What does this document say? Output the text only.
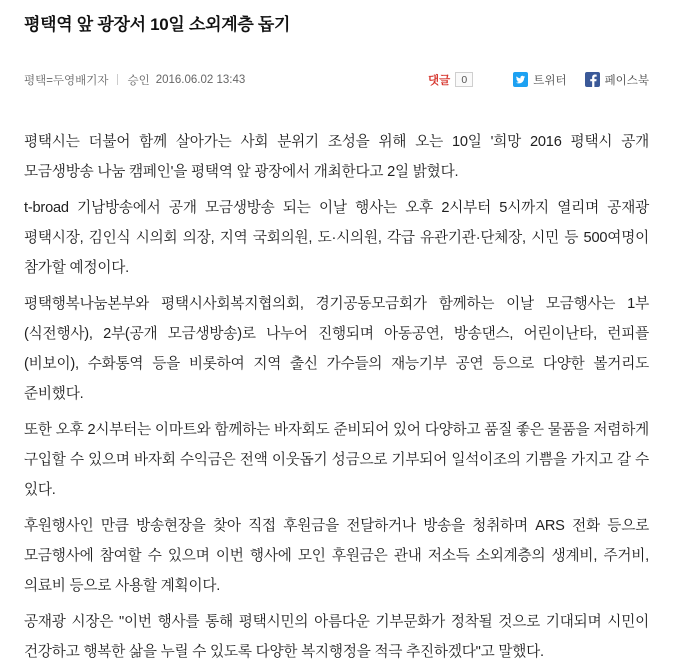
평택역 앞 광장서 10일 소외계층 돕기
평택=두영배기자 승인 2016.06.02 13:43	댓글	0	트위터	페이스북

평택시는 더불어 함께 살아가는 사회 분위기 조성을 위해 오는 10일 '희망 2016 평택시 공개 모금생방송 나눔 캠페인'을 평택역 앞 광장에서 개최한다고 2일 밝혔다.

t-broad 기남방송에서 공개 모금생방송 되는 이날 행사는 오후 2시부터 5시까지 열리며 공재광 평택시장, 김인식 시의회 의장, 지역 국회의원, 도·시의원, 각급 유관기관·단체장, 시민 등 500여명이 참가할 예정이다.

평택행복나눔본부와 평택시사회복지협의회, 경기공동모금회가 함께하는 이날 모금행사는 1부(식전행사), 2부(공개 모금생방송)로 나누어 진행되며 아동공연, 방송댄스, 어린이난타, 런피플(비보이), 수화통역 등을 비롯하여 지역 출신 가수들의 재능기부 공연 등으로 다양한 볼거리도 준비했다.

또한 오후 2시부터는 이마트와 함께하는 바자회도 준비되어 있어 다양하고 품질 좋은 물품을 저렴하게 구입할 수 있으며 바자회 수익금은 전액 이웃돕기 성금으로 기부되어 일석이조의 기쁨을 가지고 갈 수 있다.

후원행사인 만큼 방송현장을 찾아 직접 후원금을 전달하거나 방송을 청취하며 ARS 전화 등으로 모금행사에 참여할 수 있으며 이번 행사에 모인 후원금은 관내 저소득 소외계층의 생계비, 주거비, 의료비 등으로 사용할 계획이다.

공재광 시장은 "이번 행사를 통해 평택시민의 아름다운 기부문화가 정착될 것으로 기대되며 시민이 건강하고 행복한 삶을 누릴 수 있도록 다양한 복지행정을 적극 추진하겠다"고 말했다.
